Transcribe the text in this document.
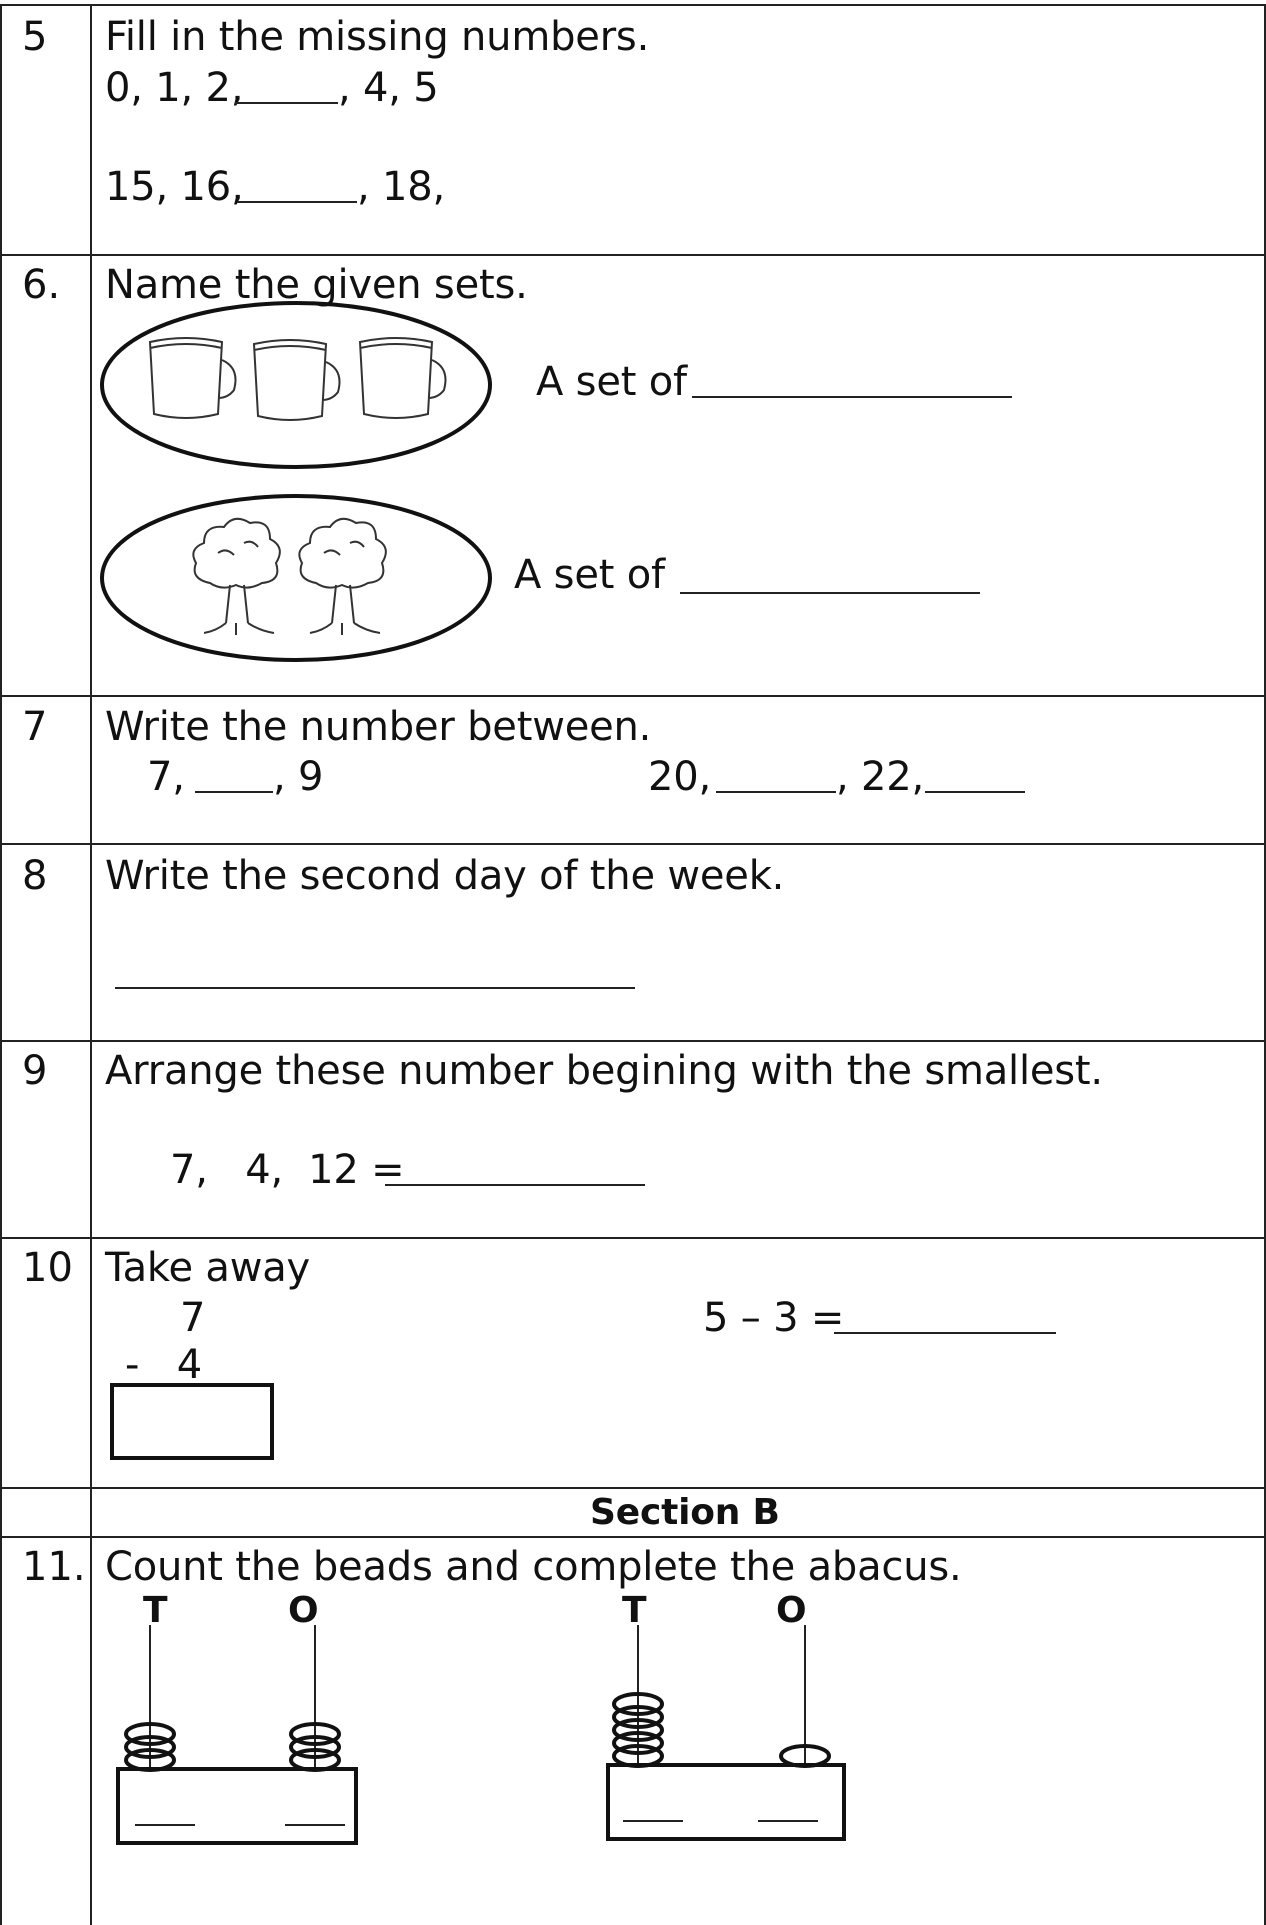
5 Fill in the missing numbers.
0, 1, 2, , 4, 5
15, 16,	, 18,
6. Name the given sets.
A set of
A set of
7 Write the number between.
7, , 9	20,	, 22,
8 Write the second day of the week.
9 Arrange these number begining with the smallest.
7,   4,  12 =
10 Take away
7
-   4
5 – 3 =
Section B
11. Count the beads and complete the abacus.
T	O	T	O
